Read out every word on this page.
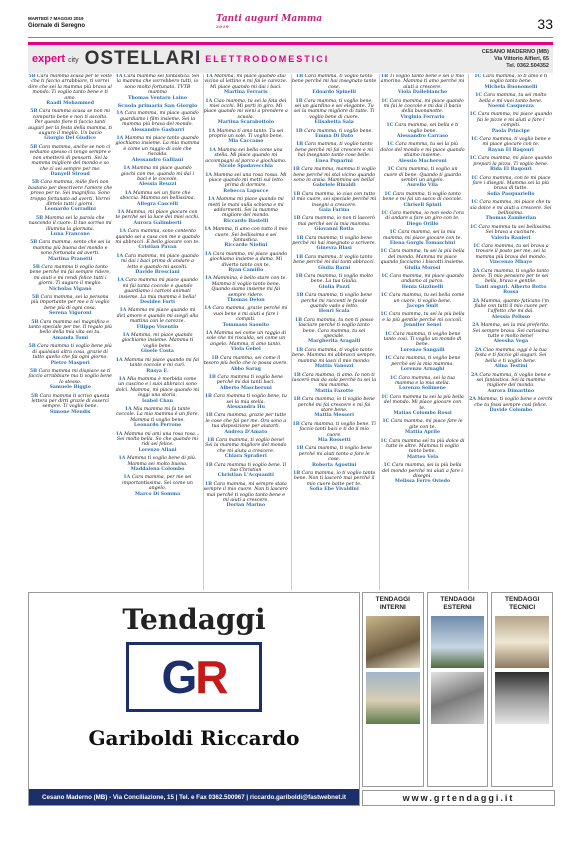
MARTEDÌ 7 MAGGIO 2019
Giornale di Seregno
Tanti auguri Mamma
2019	33
expert city OSTELLARI ELETTRODOMESTICI
CESANO MADERNO (MB)
Via Vittorio Alfieri, 65
Tel. 0362.504352
5B Cara mamma scusa per le volte che ti faccio arrabbiare, ti vorrei dire che sei la mamma più brava al mondo. Ti voglio tanto bene e ti amo.
Raadi Mohammed
5B Cara mamma scusa se non mi comporto bene e non ti ascolto. Per questo fiore ti faccio tanti auguri per la festa della mamma, ti auguro il meglio. Un bacio
Giorgio Del Giudice
5B Cara mamma, anche se non ci vediamo spesso ci tengo sempre e non smetterò di pensarti. Sei la mamma migliore del mondo e so che ci sei sempre per me.
Danyell Stroud
5B Cara mamma, mille fiori non bastano per descrivere l'amore che provo per te. Sei magnifica. Sono troppo fortunato ad averti. Vorrei dirtelo tutti i giorni.
Leonardo Corradini
5B Mamma sei la parola che nascondo il cuore. Il tuo sorriso mi illumina la giornata.
Luna Francone
5B Cara mamma, sento che sei la mamma più buona del mondo e sono fortunata ad averti.
Martina Pranetti
5B Cara mamma ti voglio tanto bene perché mi fai sempre ridere, mi aiuti e mi rendi felice tutti i giorni. Ti auguro il meglio.
Nicholas Viganò
5B Cara mamma, sei la persona più importante per me e ti voglio bene più di ogni cosa.
Serena Vigoroni
5B Cara mamma sei magnifica e tanto speciale per me. Il regalo più bello della mia vita sei tu.
Amanda Tomi
5B Cara mamma ti voglio bene più di qualsiasi altra cosa, grazie di tutto quello che fai ogni giorno.
Pietro Masperi
5B Cara mamma mi dispiace se ti faccio arrabbiare ma ti voglio bene lo stesso.
Samuele Biggio
5B Cara mamma ti scrivo questa lettera per dirti grazie di esserci sempre. Ti voglio bene.
Simone Mendis
1A Cara mamma sei fantastica. Sei la mamma che vorrebbero tutti, io sono molto fortunato. TVTB mamma
Thomas Ventaro Laino
Scuola primaria San Giorgio
1A Cara mamma, mi piace quando guardiamo i film insieme. Sei la mamma più brava del mondo.
Alessandro Gasbarri
1A Mamma mi piace tanto quando giochiamo insieme. La mia mamma è come un raggio di sole che riscalda.
Alessandro Galliani
1A Mamma mi piace quando giochi con me, quando mi dai i baci e le coccole.
Alessia Reuzzi
1A Mamma sei un fiore che sboccia. Mamma sei bellissima.
Allegra Cascelli
1A Mamma, mi piace giocare con te perché sei la luce dei miei occhi.
Aurora Galimberti
1A Cara mamma, sono contento quando sei a casa con me e quando mi abbracci. È bello giocare con te.
Cristian Pavan
1A Cara mamma, mi piace quando mi dai i baci prima di andare a letto e quando mi ascolti.
Davide Bresciani
1A Cara mamma mi piace quando mi fai tanta coccole e quando guardiamo i cartoni animati insieme. La mia mamma è bella!
Desidee Forti
1A Mamma mi piace quando mi dici amore e quando mi svegli alla mattina con le carezze.
Filippo Visentin
1A Mamma, mi piace quando giochiamo insieme. Mamma ti voglio bene.
Gioele Costa
1A Mamma mi piace quando mi fai tante coccole e mi curi.
Rusya E.
1A Mia mamma è morbida come un cuscino e i suoi abbracci sono dolci. Mamma, mi piace quando mi leggi una storia.
Isabel Chan
1A Mia mamma mi fa tante coccole. La mia mamma è un fiore. Mamma ti voglio bene.
Leonardo Perrone
1A Mamma mi ami una rosa rosa... Sei molto bella. So che quando mi ridi sei felice.
Lorenzo Allani
1A Mamma ti voglio bene di più. Mamma sei molto buona.
Maddalena Colombo
1A Cara mamma, per me sei importantissima. Sei come un angelo.
Marco Di Somma
1A Mamma, mi piace quando stai vicino al lettino e mi fai le carezze. Mi piace quando mi dai i baci.
Martina Ferraris
1A Ciao mamma, tu sei la fata dei miei occhi. Mi porti in giro. Mi piace quando mi vieni a prendere a scuola.
Martina Scarabottolo
1A Mamma ti amo tanto. Tu sei proprio un sole. Ti voglio bene.
Mia Caccamo
1A Mamma sei bella come una stella. Mi piace quando mi accompagni al parco e giochiamo.
Nicole Spadavecchia
1A Mamma sei una rosa rossa. Mi piace quando mi metti sul letto prima di dormire.
Rebecca Lapucce
1A Mamma mi piace quando mi metti le mani sulla schiena e mi addormenti. Sei la mamma migliore del mondo.
Riccardo Bastelli
1A Mamma, ti amo con tutto il mio cuore. Sei bellissima e sei fantastica.
Riccardo Niolini
1A Cara mamma, mi piace quando giochiamo insieme a dama. Mi diverto tanto con te.
Ryan Camillo
1A Mammina, è bello stare con te. Mamma ti voglio tanto bene. Quando siamo insieme mi fai sempre ridere.
Thomas Delon
1A Cara mamma, grazie perché mi vuoi bene e mi aiuti a fare i compiti.
Tommaso Saonito
1A Mamma sei come un raggio di sole che mi riscalda, sei come un angelo. Mamma, ti amo tanto.
Viola Gebel
1B Cara mamma, sei come il tesoro più bello che io possa avere.
Abbo Sarag
1B Cara mamma ti voglio bene perché mi dai tanti baci.
Alberto Mascheroni
1B Cara mamma ti voglio bene, tu sei la mia stella.
Alessandra Hu
1B Cara mamma, grazie per tutte le cose che fai per me. Ora sono a tua disposizione per aiutarti.
Andrea D'Amato
1B Cara mamma, ti voglio bene! Sei la mamma migliore del mondo che mi aiuta a crescere.
Chiara Sprafieri
1B Cara mamma ti voglio bene. Il tuo Christian
Christian L'Acquaniti
1B Cara mamma, mi sempre stata sempre il mio cuore. Non ti lascerò mai perché ti voglio tanto bene e mi aiuti a crescere.
Dorian Marino
1B Cara mamma, ti voglio tanto bene perché mi hai insegnato tante cose.
Edoardo Spinelli
1B Cara mamma, ti voglio bene, sei un giardino e sei elegante. Tu sei la mamma migliore di tutte. Ti voglio bene di cuore.
Elisabetta Sala
1B Cara mamma, ti voglio bene.
Emma Di Dato
1B Cara mamma, ti voglio tanto bene perché mi fai crescere e mi hai insegnato tante cose belle.
Enea Puparini
1B Cara mamma, mamma ti voglio bene perché mi stai vicino quando sono in ansia. Mammina sei bella!
Gabriele Rinaldi
1B Cara mamma, io ciao con tutto il mio cuore, sei speciale perché mi insegni a crescere.
Gaia Farina
1B Cara mamma, io non ti lascerò mai perché sei la mia mamma.
Giovanni Rotta
1B Cara mamma, ti voglio bene perché mi hai insegnato a scrivere.
Ginevra Blasi
1B Cara mamma, ti voglio tanto bene perché mi dai tanti abbracci.
Giulia Barni
1B Cara mamma, ti voglio molto bene. La tua Giulia.
Giulia Pozzi
1B Cara mamma, ti voglio bene perché mi racconti le favole quando vado a letto.
Henri Scala
1B Cara mamma, tu non ti posso lasciare perché ti voglio tanto bene. Cara mamma, tu sei speciale.
Margherita Aragalli
1B Cara mamma, ti voglio tanto bene. Mamma mi abbracci sempre, mamma mi lasci il mio mondo.
Mattia Vanozzi
1B Cara mamma, ti amo. Io non ti lascerò mai da sola perché tu sei la mia mamma.
Mattia Fazotte
1B Cara mamma, io ti voglio bene perché mi fai crescere e mi fai stare bene.
Mattia Messeri
1B Cara mamma, ti voglio bene. Ti faccio tanti baci e ti do il mio cuore.
Mia Rossetti
1B Cara mamma, ti voglio bene perché mi aiuti tanto a fare le cose.
Roberta Agostini
1B Cara mamma, io ti voglio tanto bene. Non ti lascerò mai perché il mio cuore batte per te.
Sofia Ebe Vivaldini
1B Ti voglio tanto bene e sei il mio amorino. Mamma ti amo perché mi aiuti a crescere.
Viola Dallebianche
1C Cara mamma, mi piace quando mi fai le coccole e mi dai il bacio della buonanotte.
Virginia Ferrario
1C Cara mamma, sei bella e ti voglio bene.
Alessandro Carraso
1C Cara mamma, tu sei la più dolce del mondo e mi piace quando stiamo insieme.
Alessio Macheroni
1C Cara mamma, ti voglio un cuore di bene. Quando ti guardo sembri un angelo.
Aurelio Vila
1C Cara mamma, ti voglio tanto bene e mi fai un sacco di coccole.
Chrisell Spinti
1C Cara mamma, io non vedo l'ora di andare a fare un giro con te.
Diego Orillo
1C Cara mamma, sei la mia mamma, mi piace giocare con te.
Elena Gorgis Tomaschini
1C Cara mamma, tu sei la più bella del mondo. Mamma mi piace quando facciamo i biscotti insieme.
Giulia Morosi
1C Cara mamma, mi piace quando andiamo al parco.
Ilenia Gizzinelli
1C Cara mamma, tu sei bella come un cuore, ti voglio bene.
Jacopo Smit
1C Cara mamma, tu sei la più bella e la più gentile perché mi coccoli.
Jennifer Senel
1C Cara mamma, ti voglio bene tanto così. Ti voglio un mondo di bene.
Lorenzo Sangalli
1C Cara mamma, ti voglio bene perché sei la mia mamma.
Lorenzo Arnaghi
1C Cara mamma, sei la tua mamma e la mia stella.
Lorenzo Solimene
1C Cara mamma tu sei la più bella del mondo. Mi piace giocare con te.
Matias Colombo Rossi
1C Cara mamma, mi piace fare le gite con te.
Mattia Aprile
1C Cara mamma sei tu più dolce di tutte le altre. Mamma ti voglio tanto bene.
Matteo Vela
1C Cara mamma, sei la più bella del mondo perché mi aiuti a fare i disegni.
Melissa Ferro Oviedo
1C Cara mamma, io ti amo e ti voglio tanto bene.
Michela Buonomelli
1C Cara mamma, tu sei molto bella e mi vuoi tanto bene.
Noemi Casquezza
1C Cara mamma, mi piace quando fai le pizze e mi aiuti a fare i compiti.
Paola Principe
1C Cara mamma, ti voglio bene e mi piace giocare con te.
Rayan El Baqouri
1C Cara mamma, mi piace quando prepari la pizza. Ti voglio bene.
Rida El Baqouri
1C Cara mamma, con te mi piace fare i disegni. Mamma sei la più brava di tutte.
Sofia Pasquariello
1C Cara mamma, mi piace che tu sia dolce e mi aiuti a crescere. Sei bellissima.
Thomas Zamberlan
1C Cara mamma tu sei bellissima. Sei brava a cucinare.
Valeria Ranieri
1C Cara mamma, tu sei brava a trovare il posto per me, sei la mamma più brava del mondo.
Vincenzo Mbaye
2A Cara mamma, ti voglio tanto bene. Ti mio pensiero per te sei bella, brava e gentile.
Tanti auguri. Alberto Botto Rossa
2A Mamma, quanto faticano i'm fiabe con tutti il mio cuore per l'affetto che mi dai.
Alessia Pelisso
2A Mamma, sei la mia preferita. Sei sempre brava. Sei carissima tutte e molto bene!
Aleesha Vega
2A Ciao mamma, oggi è la tua festa e ti faccio gli auguri. Sei bella e ti voglio bene.
Alina Testini
2A Cara mamma, ti voglio bene e sei fantastica. Sei la mamma migliore del mondo.
Aurora Dimartino
2A Mamma, ti voglio bene e cerchi che tu fossi sempre così felice.
Davide Colombo
Tendaggi
G R
Gariboldi Riccardo
Cesano Maderno (MB) - Via Conciliazione, 15 | Tel. e Fax 0362.500967 | riccardo.gariboldi@fastwebnet.it
TENDAGGI INTERNI
TENDAGGI ESTERNI
TENDAGGI TECNICI
www.grtendaggi.it
